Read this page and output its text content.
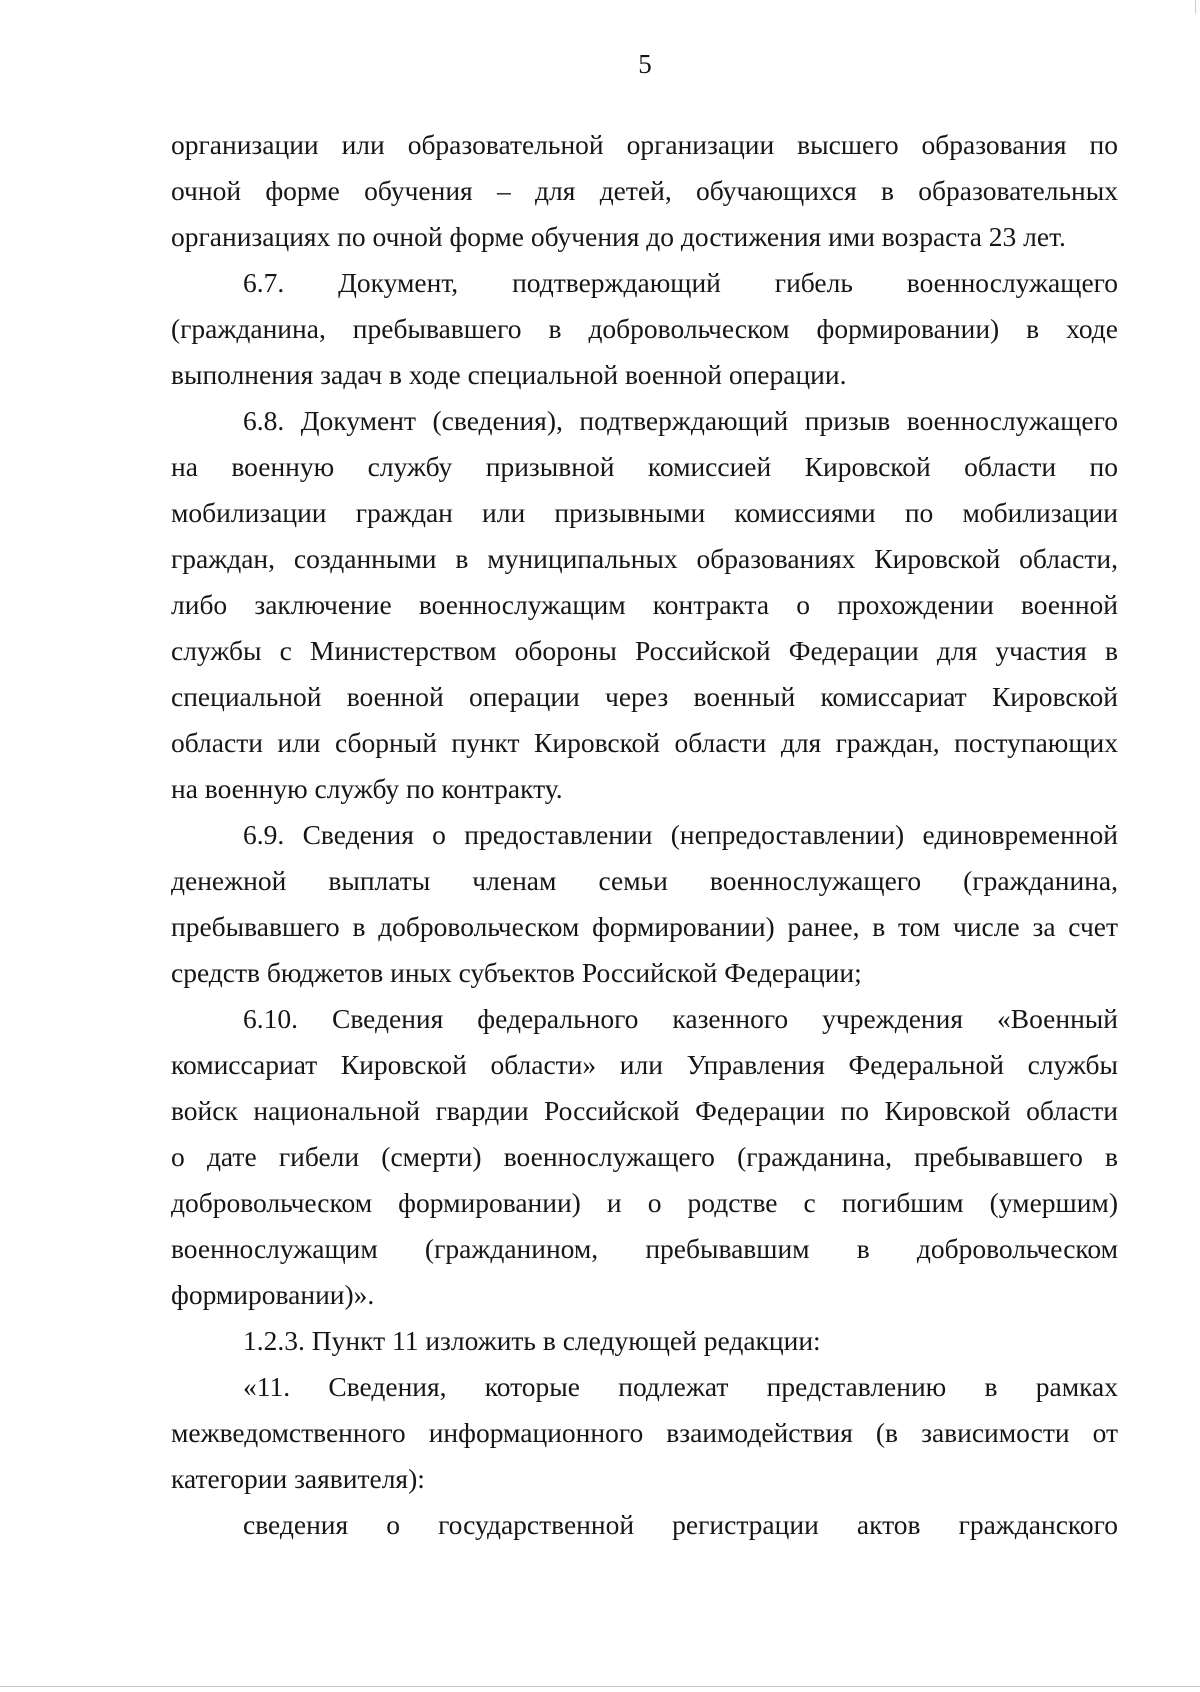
5
организации или образовательной организации высшего образования по
очной форме обучения – для детей, обучающихся в образовательных
организациях по очной форме обучения до достижения ими возраста 23 лет.
6.7. Документ, подтверждающий гибель военнослужащего
(гражданина, пребывавшего в добровольческом формировании) в ходе
выполнения задач в ходе специальной военной операции.
6.8. Документ (сведения), подтверждающий призыв военнослужащего
на военную службу призывной комиссией Кировской области по
мобилизации граждан или призывными комиссиями по мобилизации
граждан, созданными в муниципальных образованиях Кировской области,
либо заключение военнослужащим контракта о прохождении военной
службы с Министерством обороны Российской Федерации для участия в
специальной военной операции через военный комиссариат Кировской
области или сборный пункт Кировской области для граждан, поступающих
на военную службу по контракту.
6.9. Сведения о предоставлении (непредоставлении) единовременной
денежной выплаты членам семьи военнослужащего (гражданина,
пребывавшего в добровольческом формировании) ранее, в том числе за счет
средств бюджетов иных субъектов Российской Федерации;
6.10. Сведения федерального казенного учреждения «Военный
комиссариат Кировской области» или Управления Федеральной службы
войск национальной гвардии Российской Федерации по Кировской области
о дате гибели (смерти) военнослужащего (гражданина, пребывавшего в
добровольческом формировании) и о родстве с погибшим (умершим)
военнослужащим (гражданином, пребывавшим в добровольческом
формировании)».
1.2.3. Пункт 11 изложить в следующей редакции:
«11. Сведения, которые подлежат представлению в рамках
межведомственного информационного взаимодействия (в зависимости от
категории заявителя):
сведения о государственной регистрации актов гражданского
